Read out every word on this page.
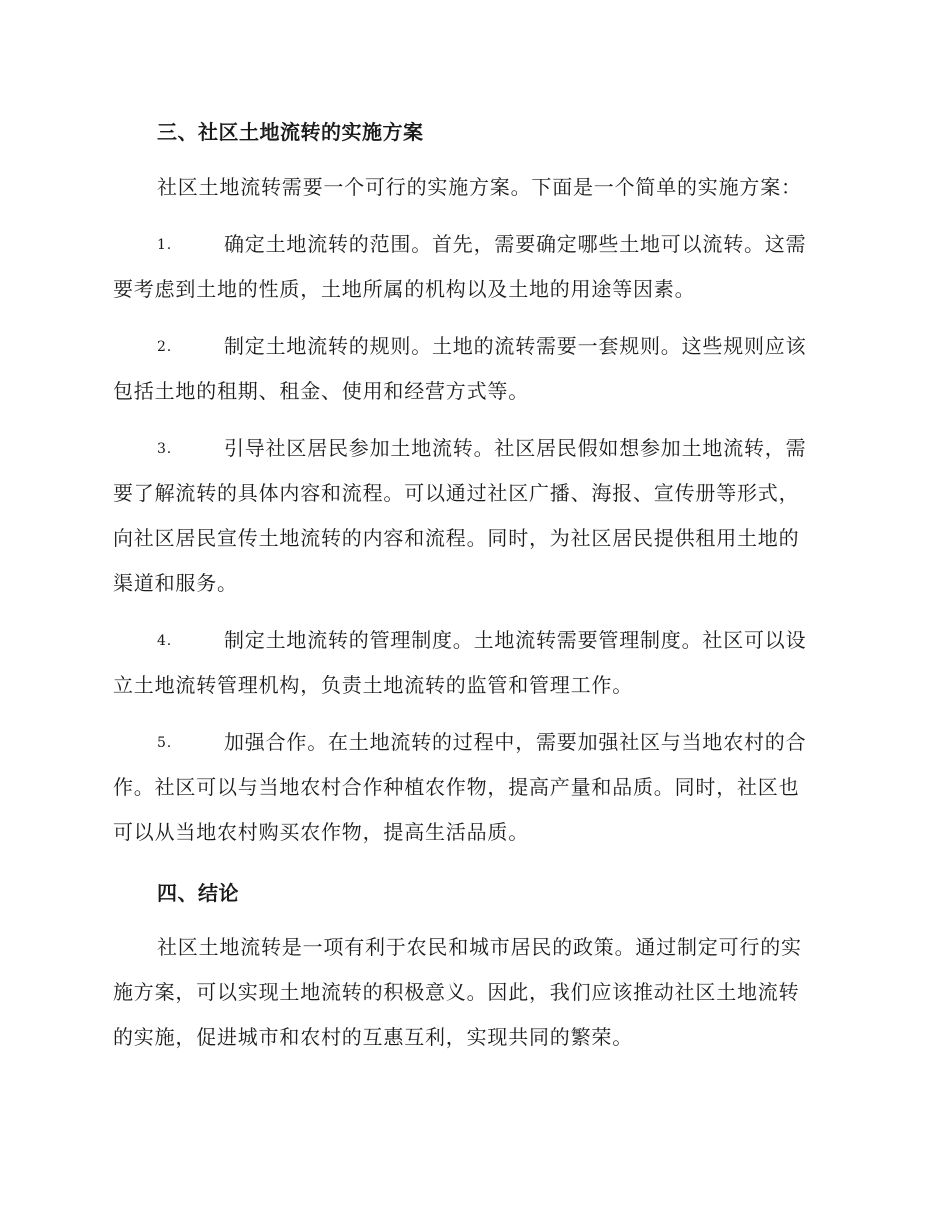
三、社区土地流转的实施方案
社区土地流转需要一个可行的实施方案。下面是一个简单的实施方案：
1.	确定土地流转的范围。首先，需要确定哪些土地可以流转。这需
要考虑到土地的性质，土地所属的机构以及土地的用途等因素。
2.	制定土地流转的规则。土地的流转需要一套规则。这些规则应该
包括土地的租期、租金、使用和经营方式等。
3.	引导社区居民参加土地流转。社区居民假如想参加土地流转，需
要了解流转的具体内容和流程。可以通过社区广播、海报、宣传册等形式，
向社区居民宣传土地流转的内容和流程。同时，为社区居民提供租用土地的
渠道和服务。
4.	制定土地流转的管理制度。土地流转需要管理制度。社区可以设
立土地流转管理机构，负责土地流转的监管和管理工作。
5.	加强合作。在土地流转的过程中，需要加强社区与当地农村的合
作。社区可以与当地农村合作种植农作物，提高产量和品质。同时，社区也
可以从当地农村购买农作物，提高生活品质。
四、结论
社区土地流转是一项有利于农民和城市居民的政策。通过制定可行的实
施方案，可以实现土地流转的积极意义。因此，我们应该推动社区土地流转
的实施，促进城市和农村的互惠互利，实现共同的繁荣。
